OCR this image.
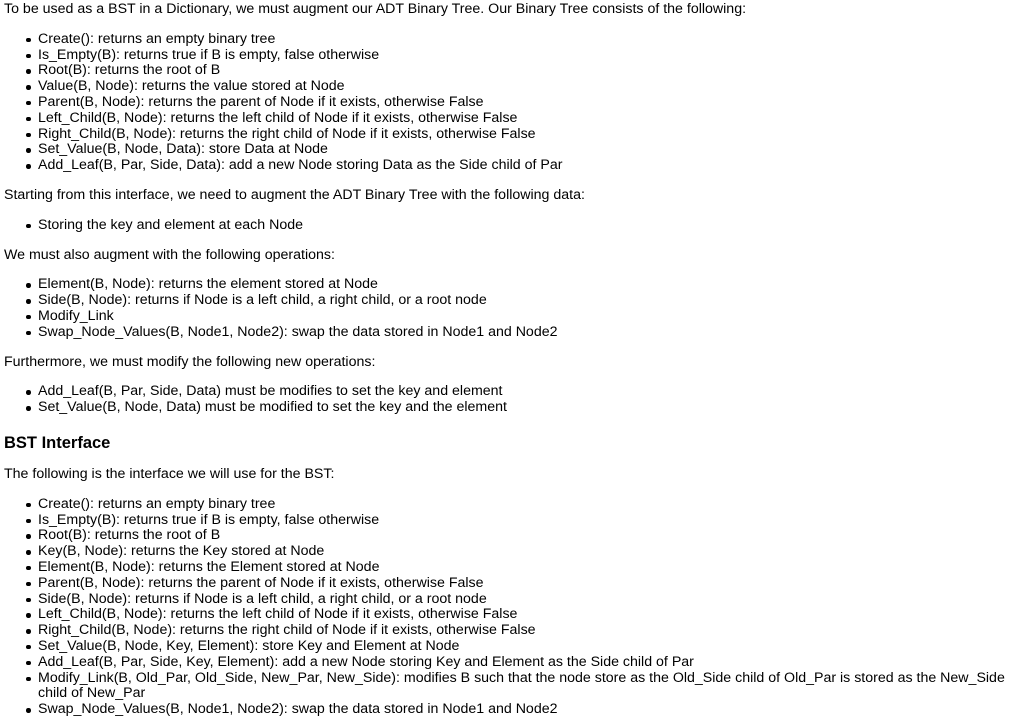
To be used as a BST in a Dictionary, we must augment our ADT Binary Tree. Our Binary Tree consists of the following:

Create(): returns an empty binary tree
Is_Empty(B): returns true if B is empty, false otherwise
Root(B): returns the root of B
Value(B, Node): returns the value stored at Node
Parent(B, Node): returns the parent of Node if it exists, otherwise False
Left_Child(B, Node): returns the left child of Node if it exists, otherwise False
Right_Child(B, Node): returns the right child of Node if it exists, otherwise False
Set_Value(B, Node, Data): store Data at Node
Add_Leaf(B, Par, Side, Data): add a new Node storing Data as the Side child of Par

Starting from this interface, we need to augment the ADT Binary Tree with the following data:

Storing the key and element at each Node

We must also augment with the following operations:

Element(B, Node): returns the element stored at Node
Side(B, Node): returns if Node is a left child, a right child, or a root node
Modify_Link
Swap_Node_Values(B, Node1, Node2): swap the data stored in Node1 and Node2

Furthermore, we must modify the following new operations:

Add_Leaf(B, Par, Side, Data) must be modifies to set the key and element
Set_Value(B, Node, Data) must be modified to set the key and the element
BST Interface

The following is the interface we will use for the BST:

Create(): returns an empty binary tree
Is_Empty(B): returns true if B is empty, false otherwise
Root(B): returns the root of B
Key(B, Node): returns the Key stored at Node
Element(B, Node): returns the Element stored at Node
Parent(B, Node): returns the parent of Node if it exists, otherwise False
Side(B, Node): returns if Node is a left child, a right child, or a root node
Left_Child(B, Node): returns the left child of Node if it exists, otherwise False
Right_Child(B, Node): returns the right child of Node if it exists, otherwise False
Set_Value(B, Node, Key, Element): store Key and Element at Node
Add_Leaf(B, Par, Side, Key, Element): add a new Node storing Key and Element as the Side child of Par
Modify_Link(B, Old_Par, Old_Side, New_Par, New_Side): modifies B such that the node store as the Old_Side child of Old_Par is stored as the New_Side child of New_Par
Swap_Node_Values(B, Node1, Node2): swap the data stored in Node1 and Node2
